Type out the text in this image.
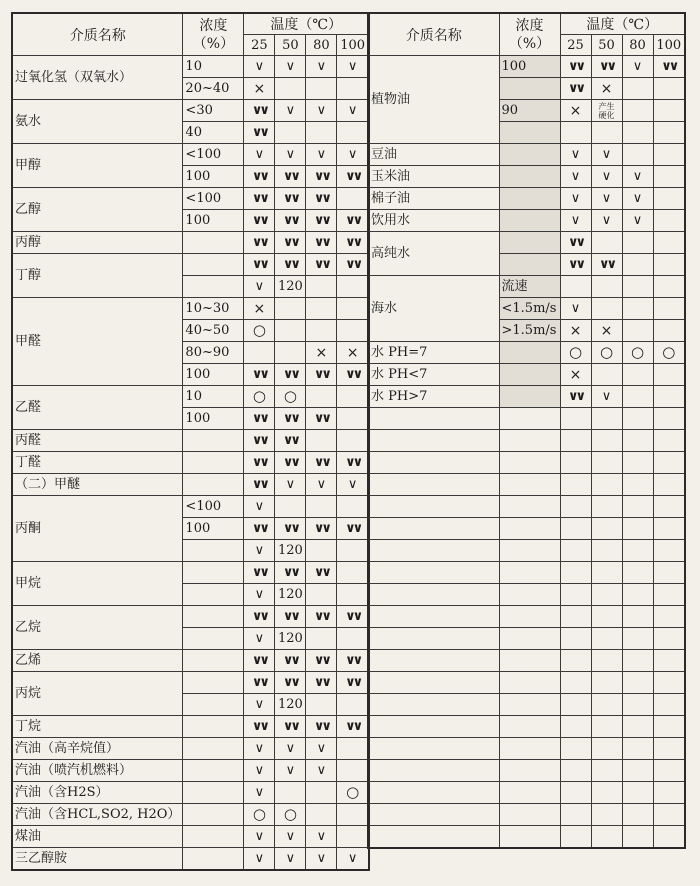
介质名称	浓度
（%）	温度（℃）			
		25	50	80	100
过氧化氢（双氧水）	10	∨	∨	∨	∨
	20~40	×			
氨水	<30	∨∨	∨	∨	∨
	40	∨∨			
甲醇	<100	∨	∨	∨	∨
	100	∨∨	∨∨	∨∨	∨∨
乙醇	<100	∨∨	∨∨	∨∨	
	100	∨∨	∨∨	∨∨	∨∨
丙醇		∨∨	∨∨	∨∨	∨∨
丁醇		∨∨	∨∨	∨∨	∨∨
		∨	120		
甲醛	10~30	×			
	40~50	○			
	80~90			×	×
	100	∨∨	∨∨	∨∨	∨∨
乙醛	10	○	○		
	100	∨∨	∨∨	∨∨	
丙醛		∨∨	∨∨		
丁醛		∨∨	∨∨	∨∨	∨∨
（二）甲醚		∨∨	∨	∨	∨
丙酮	<100	∨			
	100	∨∨	∨∨	∨∨	∨∨
		∨	120		
甲烷		∨∨	∨∨	∨∨	
		∨	120		
乙烷		∨∨	∨∨	∨∨	∨∨
		∨	120		
乙烯		∨∨	∨∨	∨∨	∨∨
丙烷		∨∨	∨∨	∨∨	∨∨
		∨	120		
丁烷		∨∨	∨∨	∨∨	∨∨
汽油（高辛烷值）		∨	∨	∨	
汽油（喷汽机燃料）		∨	∨	∨	
汽油（含H2S）		∨			○
汽油（含HCL,SO2, H2O）		○	○		
煤油		∨	∨	∨	
三乙醇胺		∨	∨	∨	∨
介质名称	浓度
（%）	温度（℃）			
		25	50	80	100
植物油	100	∨∨	∨∨	∨	∨∨
		∨∨	×		
	90	×	产生 硬化		

豆油		∨	∨		
玉米油		∨	∨	∨	
棉子油		∨	∨	∨	
饮用水		∨	∨	∨	
高纯水		∨∨			
		∨∨	∨∨		
海水	流速				
	<1.5m/s	∨			
	>1.5m/s	×	×		
水 PH=7		○	○	○	○
水 PH<7		×			
水 PH>7		∨∨	∨		
